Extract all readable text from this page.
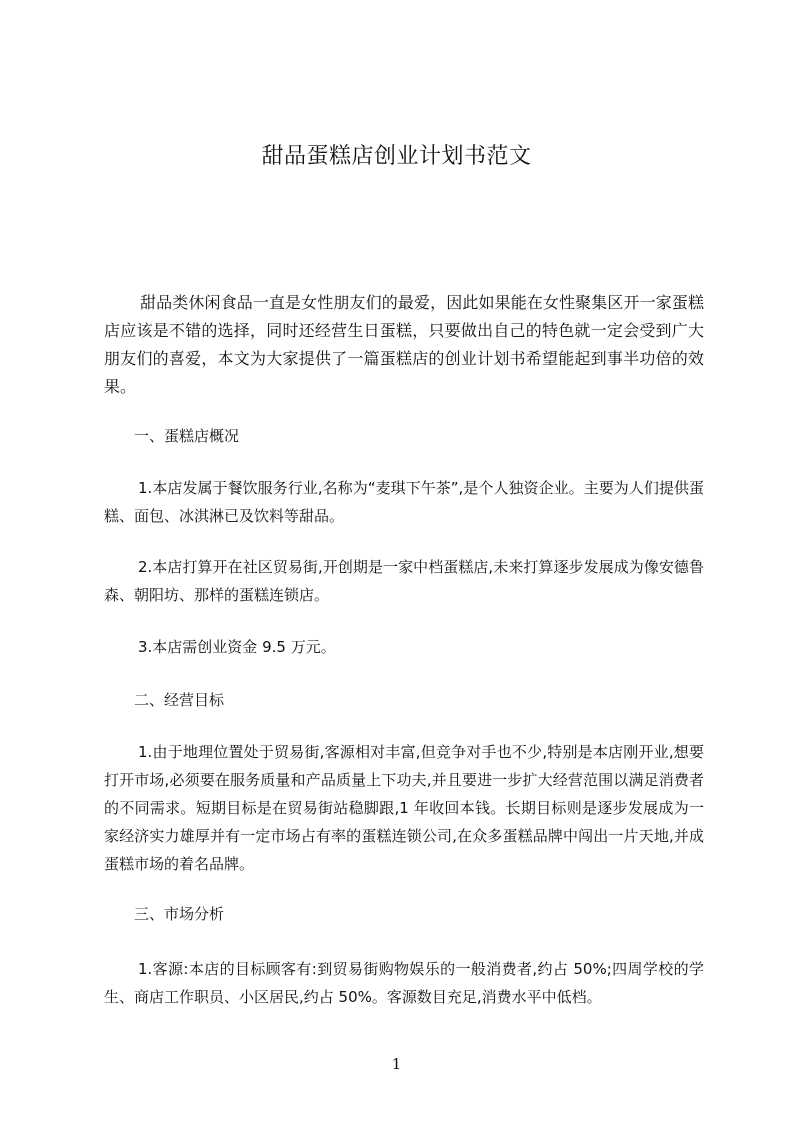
甜品蛋糕店创业计划书范文
甜品类休闲食品一直是女性朋友们的最爱，因此如果能在女性聚集区开一家蛋糕店应该是不错的选择，同时还经营生日蛋糕，只要做出自己的特色就一定会受到广大朋友们的喜爱，本文为大家提供了一篇蛋糕店的创业计划书希望能起到事半功倍的效果。
一、蛋糕店概况
1.本店发属于餐饮服务行业,名称为“麦琪下午茶”,是个人独资企业。主要为人们提供蛋糕、面包、冰淇淋已及饮料等甜品。
2.本店打算开在社区贸易街,开创期是一家中档蛋糕店,未来打算逐步发展成为像安德鲁森、朝阳坊、那样的蛋糕连锁店。
3.本店需创业资金 9.5 万元。
二、经营目标
1.由于地理位置处于贸易街,客源相对丰富,但竞争对手也不少,特别是本店刚开业,想要打开市场,必须要在服务质量和产品质量上下功夫,并且要进一步扩大经营范围以满足消费者的不同需求。短期目标是在贸易街站稳脚跟,1 年收回本钱。长期目标则是逐步发展成为一家经济实力雄厚并有一定市场占有率的蛋糕连锁公司,在众多蛋糕品牌中闯出一片天地,并成蛋糕市场的着名品牌。
三、市场分析
1.客源:本店的目标顾客有:到贸易街购物娱乐的一般消费者,约占 50%;四周学校的学生、商店工作职员、小区居民,约占 50%。客源数目充足,消费水平中低档。
1
